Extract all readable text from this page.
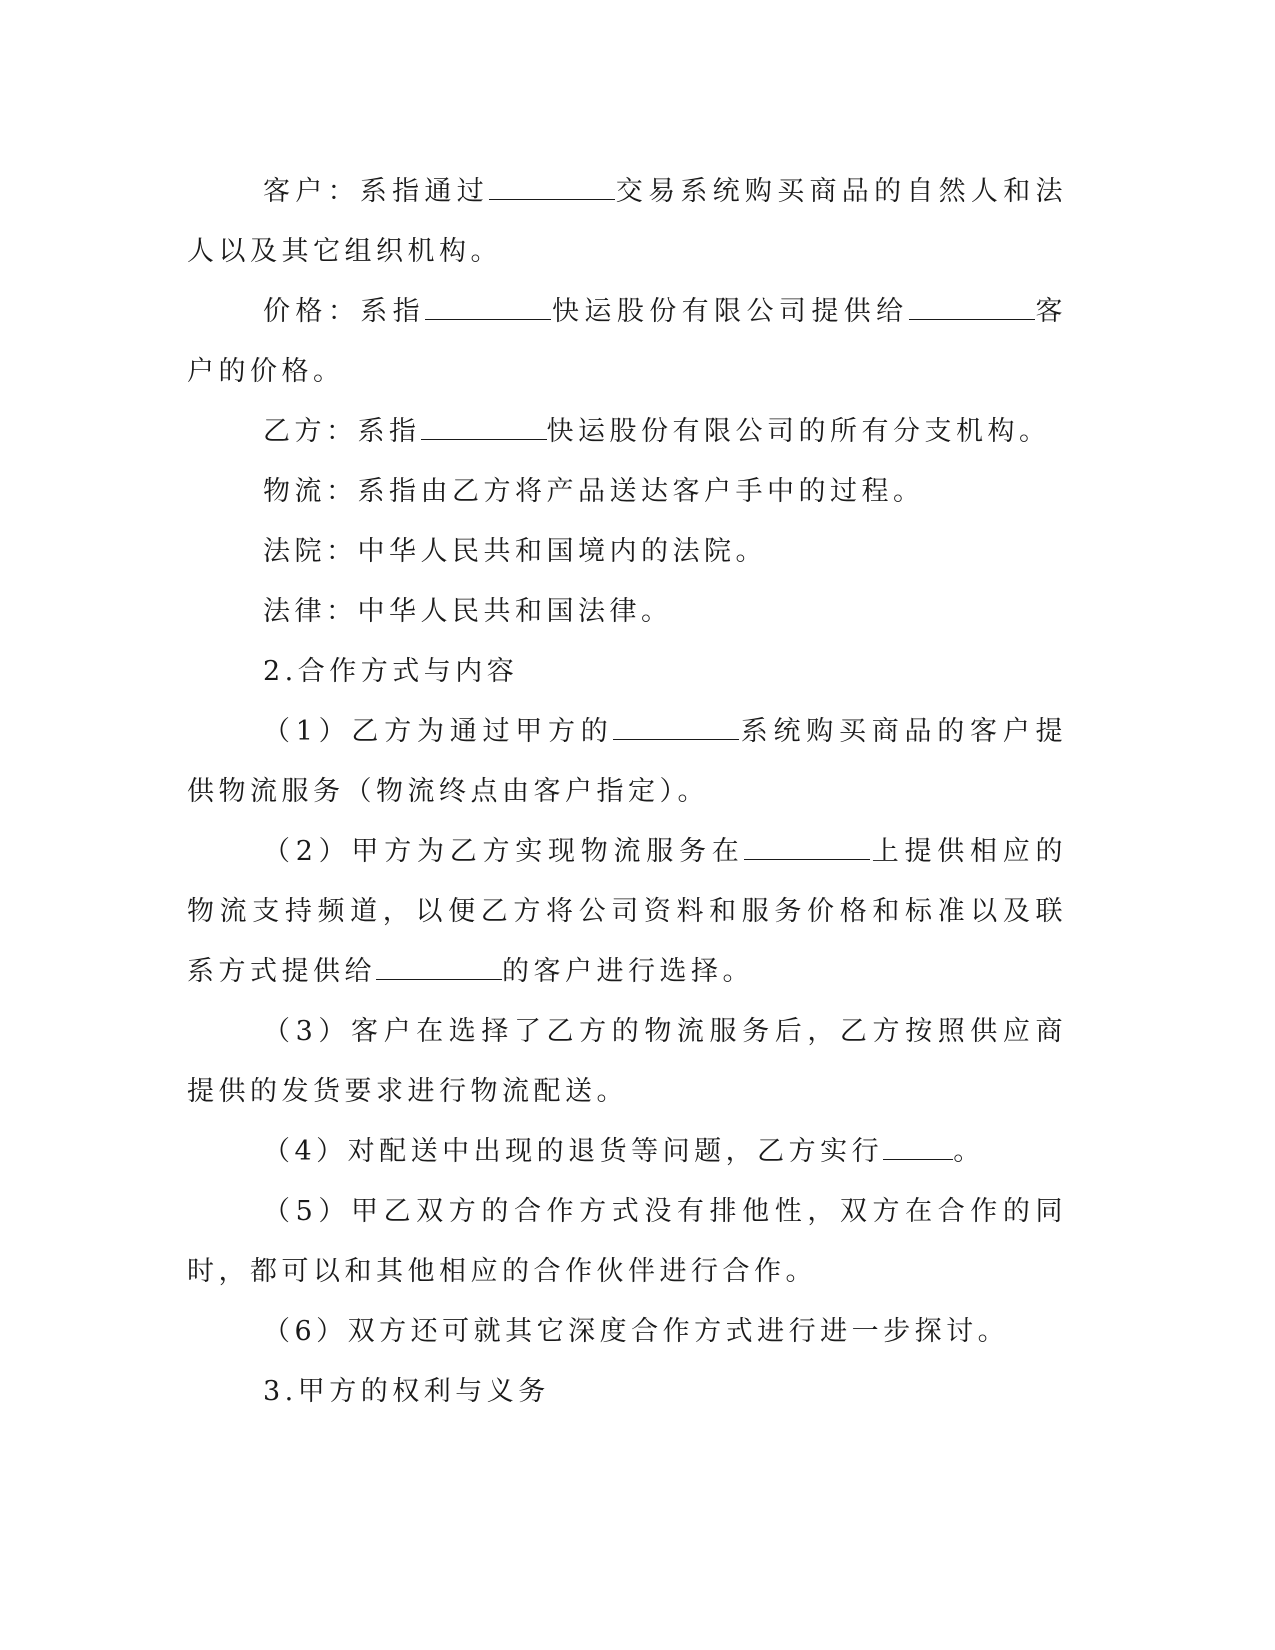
客户：系指通过	交易系统购买商品的自然人和法人以及其它组织机构。

价格：系指	快运股份有限公司提供给	客户的价格。

乙方：系指	快运股份有限公司的所有分支机构。

物流：系指由乙方将产品送达客户手中的过程。

法院：中华人民共和国境内的法院。

法律：中华人民共和国法律。

2.合作方式与内容

（1）乙方为通过甲方的	系统购买商品的客户提供物流服务（物流终点由客户指定）。

（2）甲方为乙方实现物流服务在	上提供相应的物流支持频道，以便乙方将公司资料和服务价格和标准以及联系方式提供给	的客户进行选择。

（3）客户在选择了乙方的物流服务后，乙方按照供应商提供的发货要求进行物流配送。

（4）对配送中出现的退货等问题，乙方实行	。

（5）甲乙双方的合作方式没有排他性，双方在合作的同时，都可以和其他相应的合作伙伴进行合作。

（6）双方还可就其它深度合作方式进行进一步探讨。

3.甲方的权利与义务
